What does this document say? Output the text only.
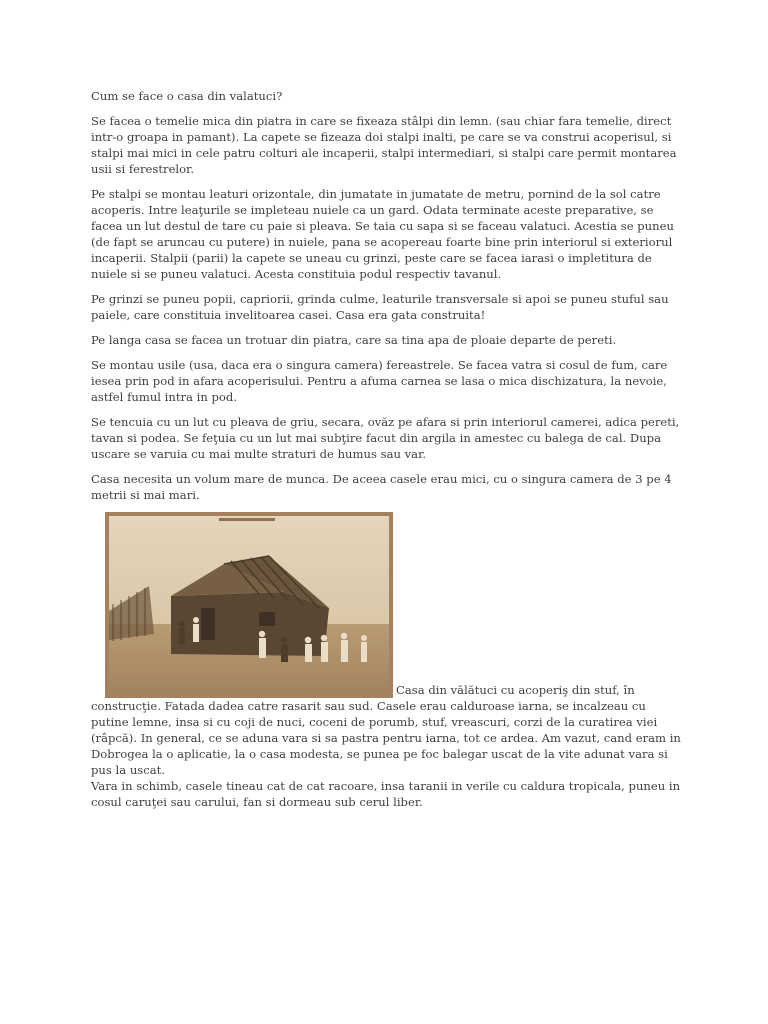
Cum se face o casa din valatuci?

Se facea o temelie mica din piatra in care se fixeaza stâlpi din lemn. (sau chiar fara temelie, direct intr-o groapa in pamant). La capete se fizeaza doi stalpi inalti, pe care se va construi acoperisul, si stalpi mai mici in cele patru colturi ale incaperii, stalpi intermediari, si stalpi care permit montarea usii si ferestrelor.

Pe stalpi se montau leaturi orizontale, din jumatate in jumatate de metru, pornind de la sol catre acoperis. Intre leaţurile se impleteau nuiele ca un gard. Odata terminate aceste preparative, se facea un lut destul de tare cu paie si pleava. Se taia cu sapa si se faceau valatuci. Acestia se puneu (de fapt se aruncau cu putere) in nuiele, pana se acopereau foarte bine prin interiorul si exteriorul incaperii. Stalpii (parii) la capete se uneau cu grinzi, peste care se facea iarasi o impletitura de nuiele si se puneu valatuci. Acesta constituia podul respectiv tavanul.

Pe grinzi se puneu popii, capriorii, grinda culme, leaturile transversale si apoi se puneu stuful sau paiele, care constituia invelitoarea casei. Casa era gata construita!

Pe langa casa se facea un trotuar din piatra, care sa tina apa de ploaie departe de pereti.

Se montau usile (usa, daca era o singura camera) fereastrele. Se facea vatra si cosul de fum, care iesea prin pod in afara acoperisului. Pentru a afuma carnea se lasa o mica dischizatura, la nevoie, astfel fumul intra in pod.

Se tencuia cu un lut cu pleava de griu, secara, ovăz pe afara si prin interiorul camerei, adica pereti, tavan si podea. Se feţuia cu un lut mai subţire facut din argila in amestec cu balega de cal. Dupa uscare se varuia cu mai multe straturi de humus sau var.

Casa necesita un volum mare de munca. De aceea casele erau mici, cu o singura camera de 3 pe 4 metrii si mai mari.

Casa din vălătuci cu acoperiş din stuf, în construcţie. Fatada dadea catre rasarit sau sud. Casele erau calduroase iarna, se incalzeau cu putine lemne, insa si cu coji de nuci, coceni de porumb, stuf, vreascuri, corzi de la curatirea viei (râpcă). In general, ce se aduna vara si sa pastra pentru iarna, tot ce ardea. Am vazut, cand eram in Dobrogea la o aplicatie, la o casa modesta, se punea pe foc balegar uscat de la vite adunat vara si pus la uscat.

Vara in schimb, casele tineau cat de cat racoare, insa taranii in verile cu caldura tropicala, puneu in cosul caruţei sau carului, fan si dormeau sub cerul liber.
